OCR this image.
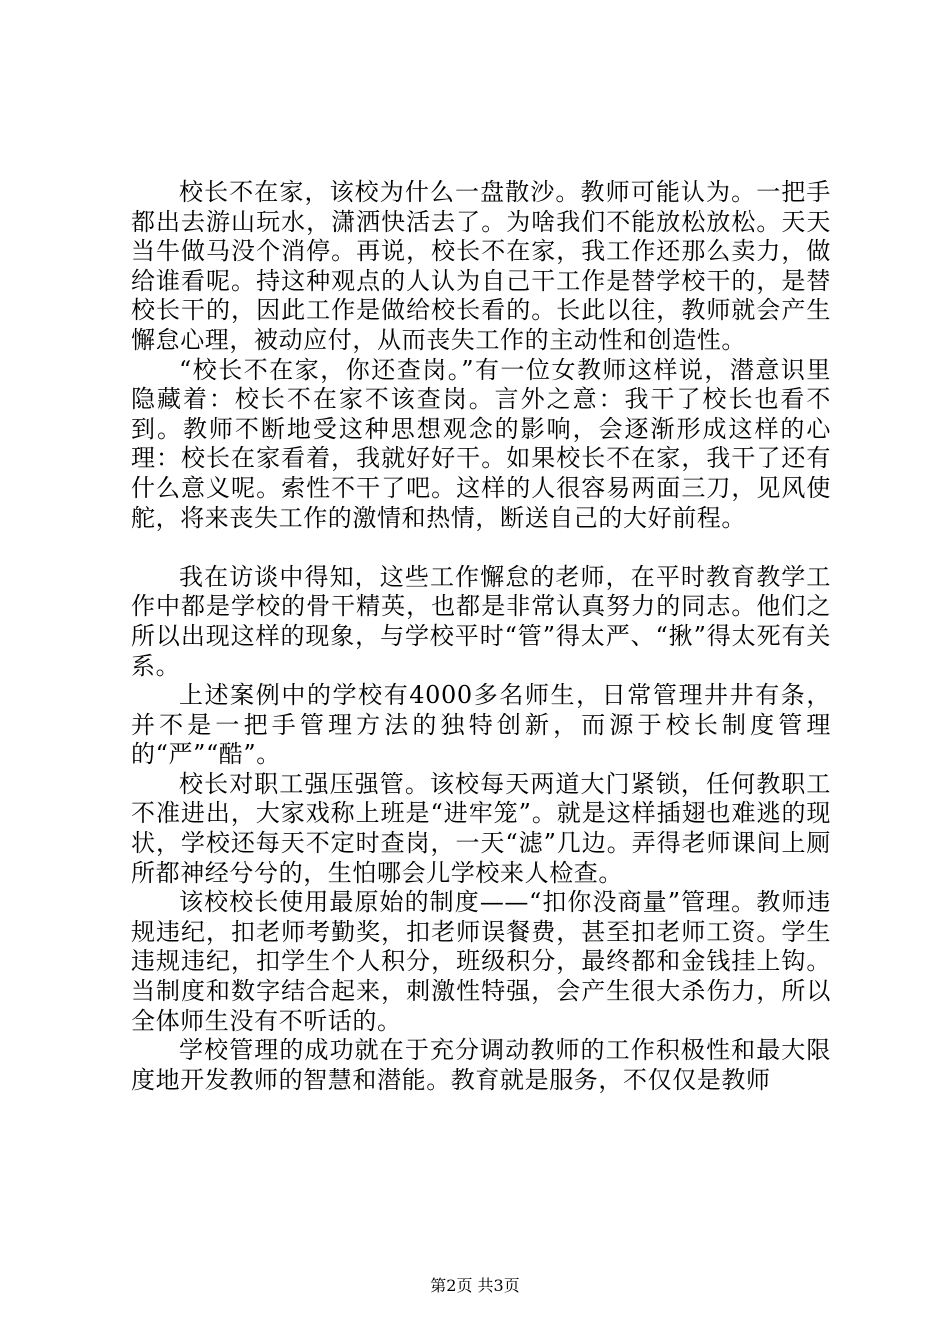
校长不在家，该校为什么一盘散沙。教师可能认为。一把手都出去游山玩水，潇洒快活去了。为啥我们不能放松放松。天天当牛做马没个消停。再说，校长不在家，我工作还那么卖力，做给谁看呢。持这种观点的人认为自己干工作是替学校干的，是替校长干的，因此工作是做给校长看的。长此以往，教师就会产生懈怠心理，被动应付，从而丧失工作的主动性和创造性。

“校长不在家，你还查岗。”有一位女教师这样说，潜意识里隐藏着：校长不在家不该查岗。言外之意：我干了校长也看不到。教师不断地受这种思想观念的影响，会逐渐形成这样的心理：校长在家看着，我就好好干。如果校长不在家，我干了还有什么意义呢。索性不干了吧。这样的人很容易两面三刀，见风使舵，将来丧失工作的激情和热情，断送自己的大好前程。

我在访谈中得知，这些工作懈怠的老师，在平时教育教学工作中都是学校的骨干精英，也都是非常认真努力的同志。他们之所以出现这样的现象，与学校平时“管”得太严、“揪”得太死有关系。

上述案例中的学校有4000多名师生，日常管理井井有条，并不是一把手管理方法的独特创新，而源于校长制度管理的“严”“酷”。

校长对职工强压强管。该校每天两道大门紧锁，任何教职工不准进出，大家戏称上班是“进牢笼”。就是这样插翅也难逃的现状，学校还每天不定时查岗，一天“滤”几边。弄得老师课间上厕所都神经兮兮的，生怕哪会儿学校来人检查。

该校校长使用最原始的制度——“扣你没商量”管理。教师违规违纪，扣老师考勤奖，扣老师误餐费，甚至扣老师工资。学生违规违纪，扣学生个人积分，班级积分，最终都和金钱挂上钩。当制度和数字结合起来，刺激性特强，会产生很大杀伤力，所以全体师生没有不听话的。

学校管理的成功就在于充分调动教师的工作积极性和最大限度地开发教师的智慧和潜能。教育就是服务，不仅仅是教师

第2页 共3页
